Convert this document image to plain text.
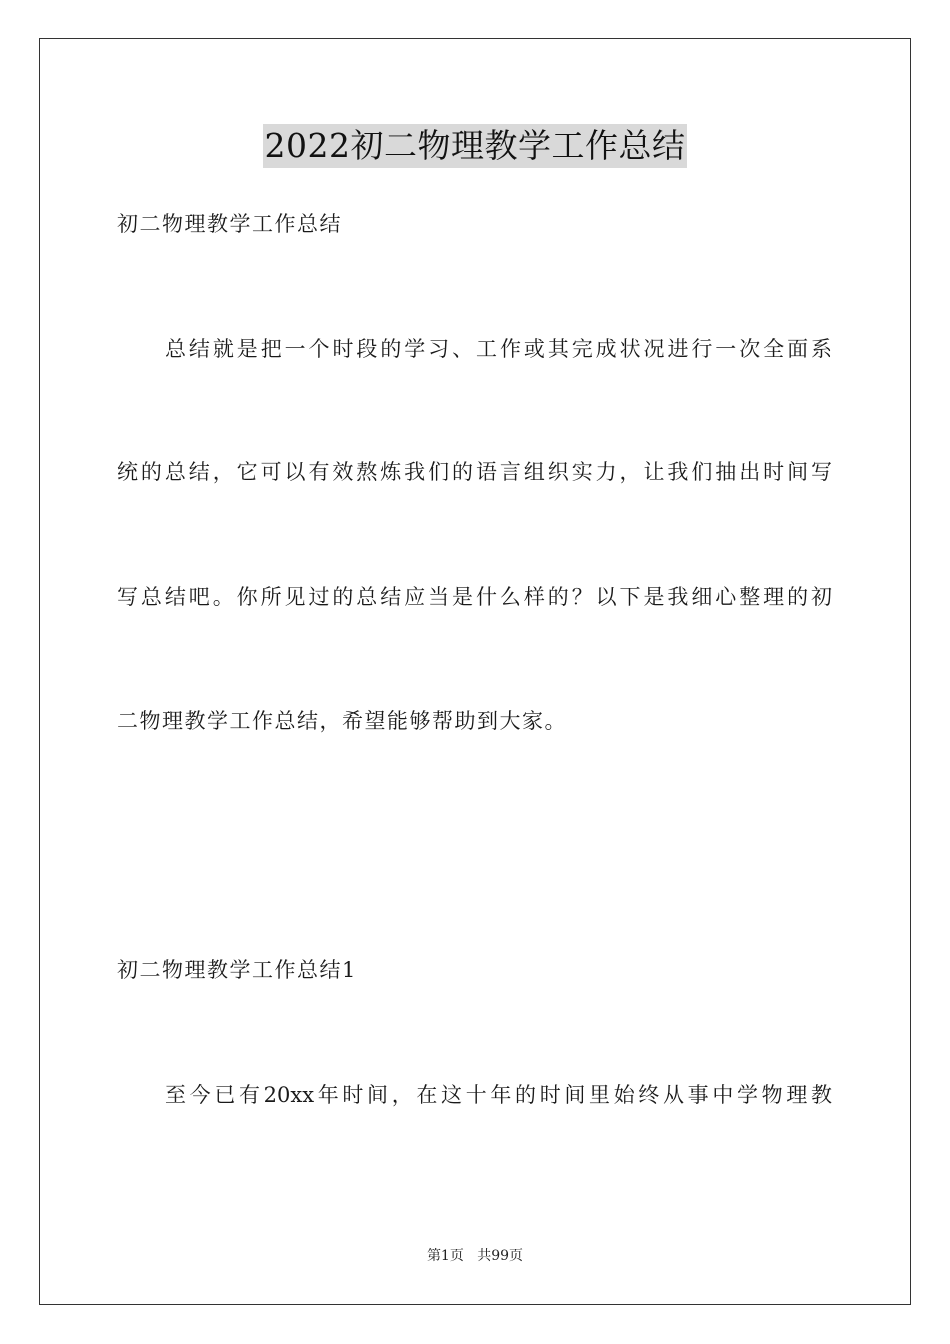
2022初二物理教学工作总结
初二物理教学工作总结
总结就是把一个时段的学习、工作或其完成状况进行一次全面系
统的总结，它可以有效熬炼我们的语言组织实力，让我们抽出时间写
写总结吧。你所见过的总结应当是什么样的？以下是我细心整理的初
二物理教学工作总结，希望能够帮助到大家。
初二物理教学工作总结1
至今已有20xx年时间，在这十年的时间里始终从事中学物理教
第1页 共99页
